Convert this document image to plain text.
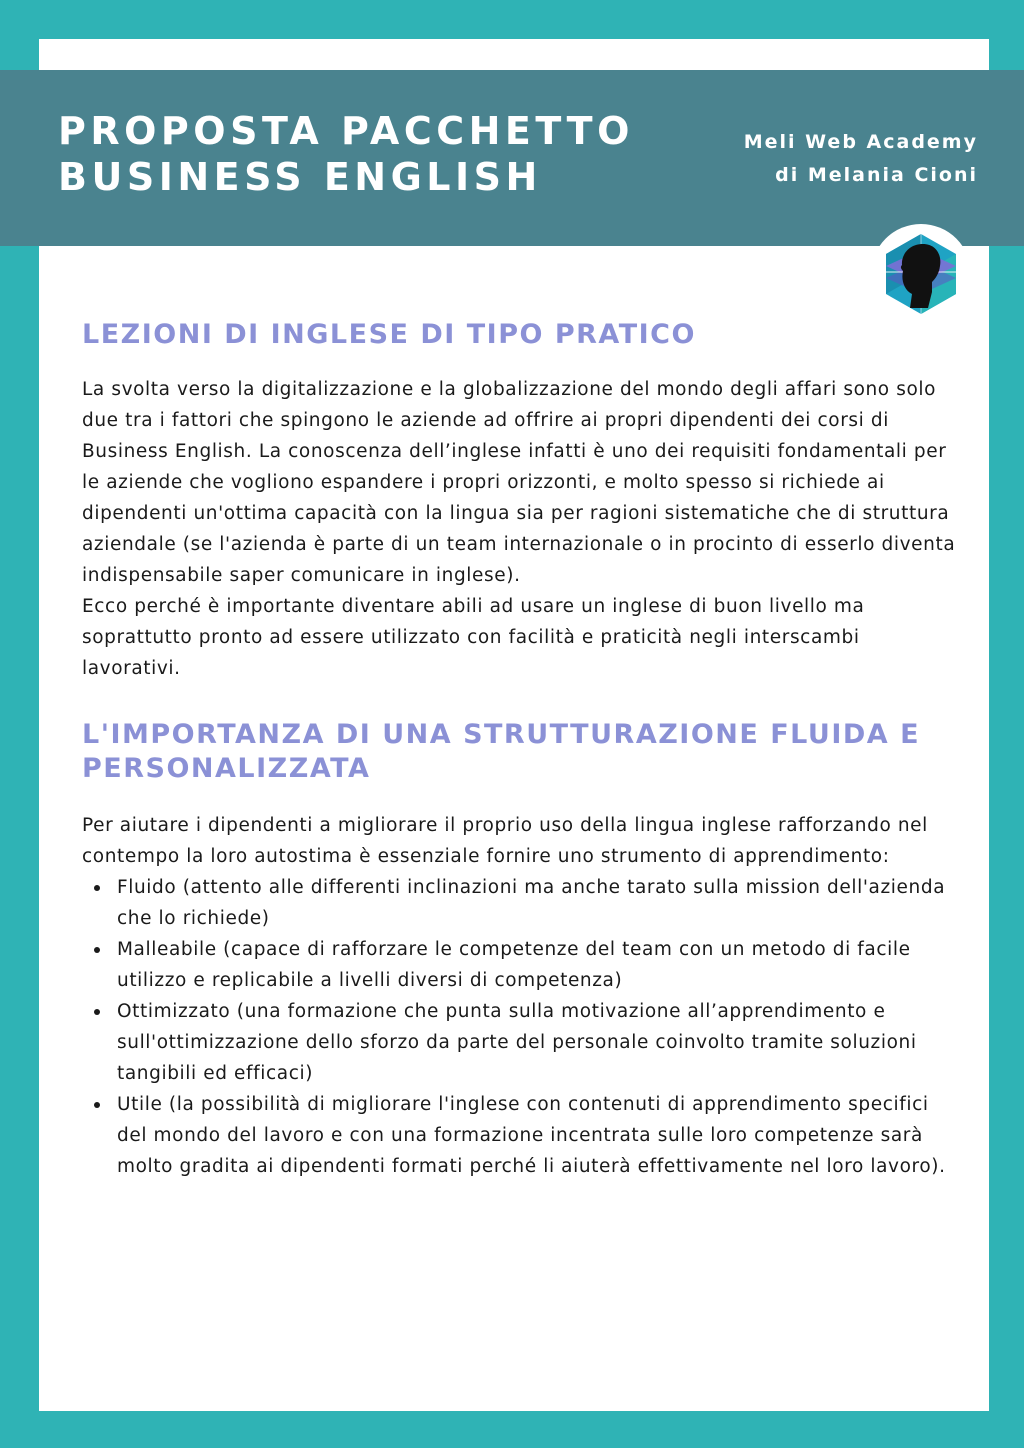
PROPOSTA PACCHETTO
BUSINESS ENGLISH
Meli Web Academy
di Melania Cioni
LEZIONI DI INGLESE DI TIPO PRATICO

La svolta verso la digitalizzazione e la globalizzazione del mondo degli affari sono solo due tra i fattori che spingono le aziende ad offrire ai propri dipendenti dei corsi di Business English. La conoscenza dell’inglese infatti è uno dei requisiti fondamentali per le aziende che vogliono espandere i propri orizzonti, e molto spesso si richiede ai dipendenti un'ottima capacità con la lingua sia per ragioni sistematiche che di struttura aziendale (se l'azienda è parte di un team internazionale o in procinto di esserlo diventa indispensabile saper comunicare in inglese).

Ecco perché è importante diventare abili ad usare un inglese di buon livello ma soprattutto pronto ad essere utilizzato con facilità e praticità negli interscambi lavorativi.

L'IMPORTANZA DI UNA STRUTTURAZIONE FLUIDA E PERSONALIZZATA

Per aiutare i dipendenti a migliorare il proprio uso della lingua inglese rafforzando nel contempo la loro autostima è essenziale fornire uno strumento di apprendimento:

Fluido (attento alle differenti inclinazioni ma anche tarato sulla mission dell'azienda che lo richiede)
Malleabile (capace di rafforzare le competenze del team con un metodo di facile utilizzo e replicabile a livelli diversi di competenza)
Ottimizzato (una formazione che punta sulla motivazione all’apprendimento e sull'ottimizzazione dello sforzo da parte del personale coinvolto tramite soluzioni tangibili ed efficaci)
Utile (la possibilità di migliorare l'inglese con contenuti di apprendimento specifici del mondo del lavoro e con una formazione incentrata sulle loro competenze sarà molto gradita ai dipendenti formati perché li aiuterà effettivamente nel loro lavoro).
